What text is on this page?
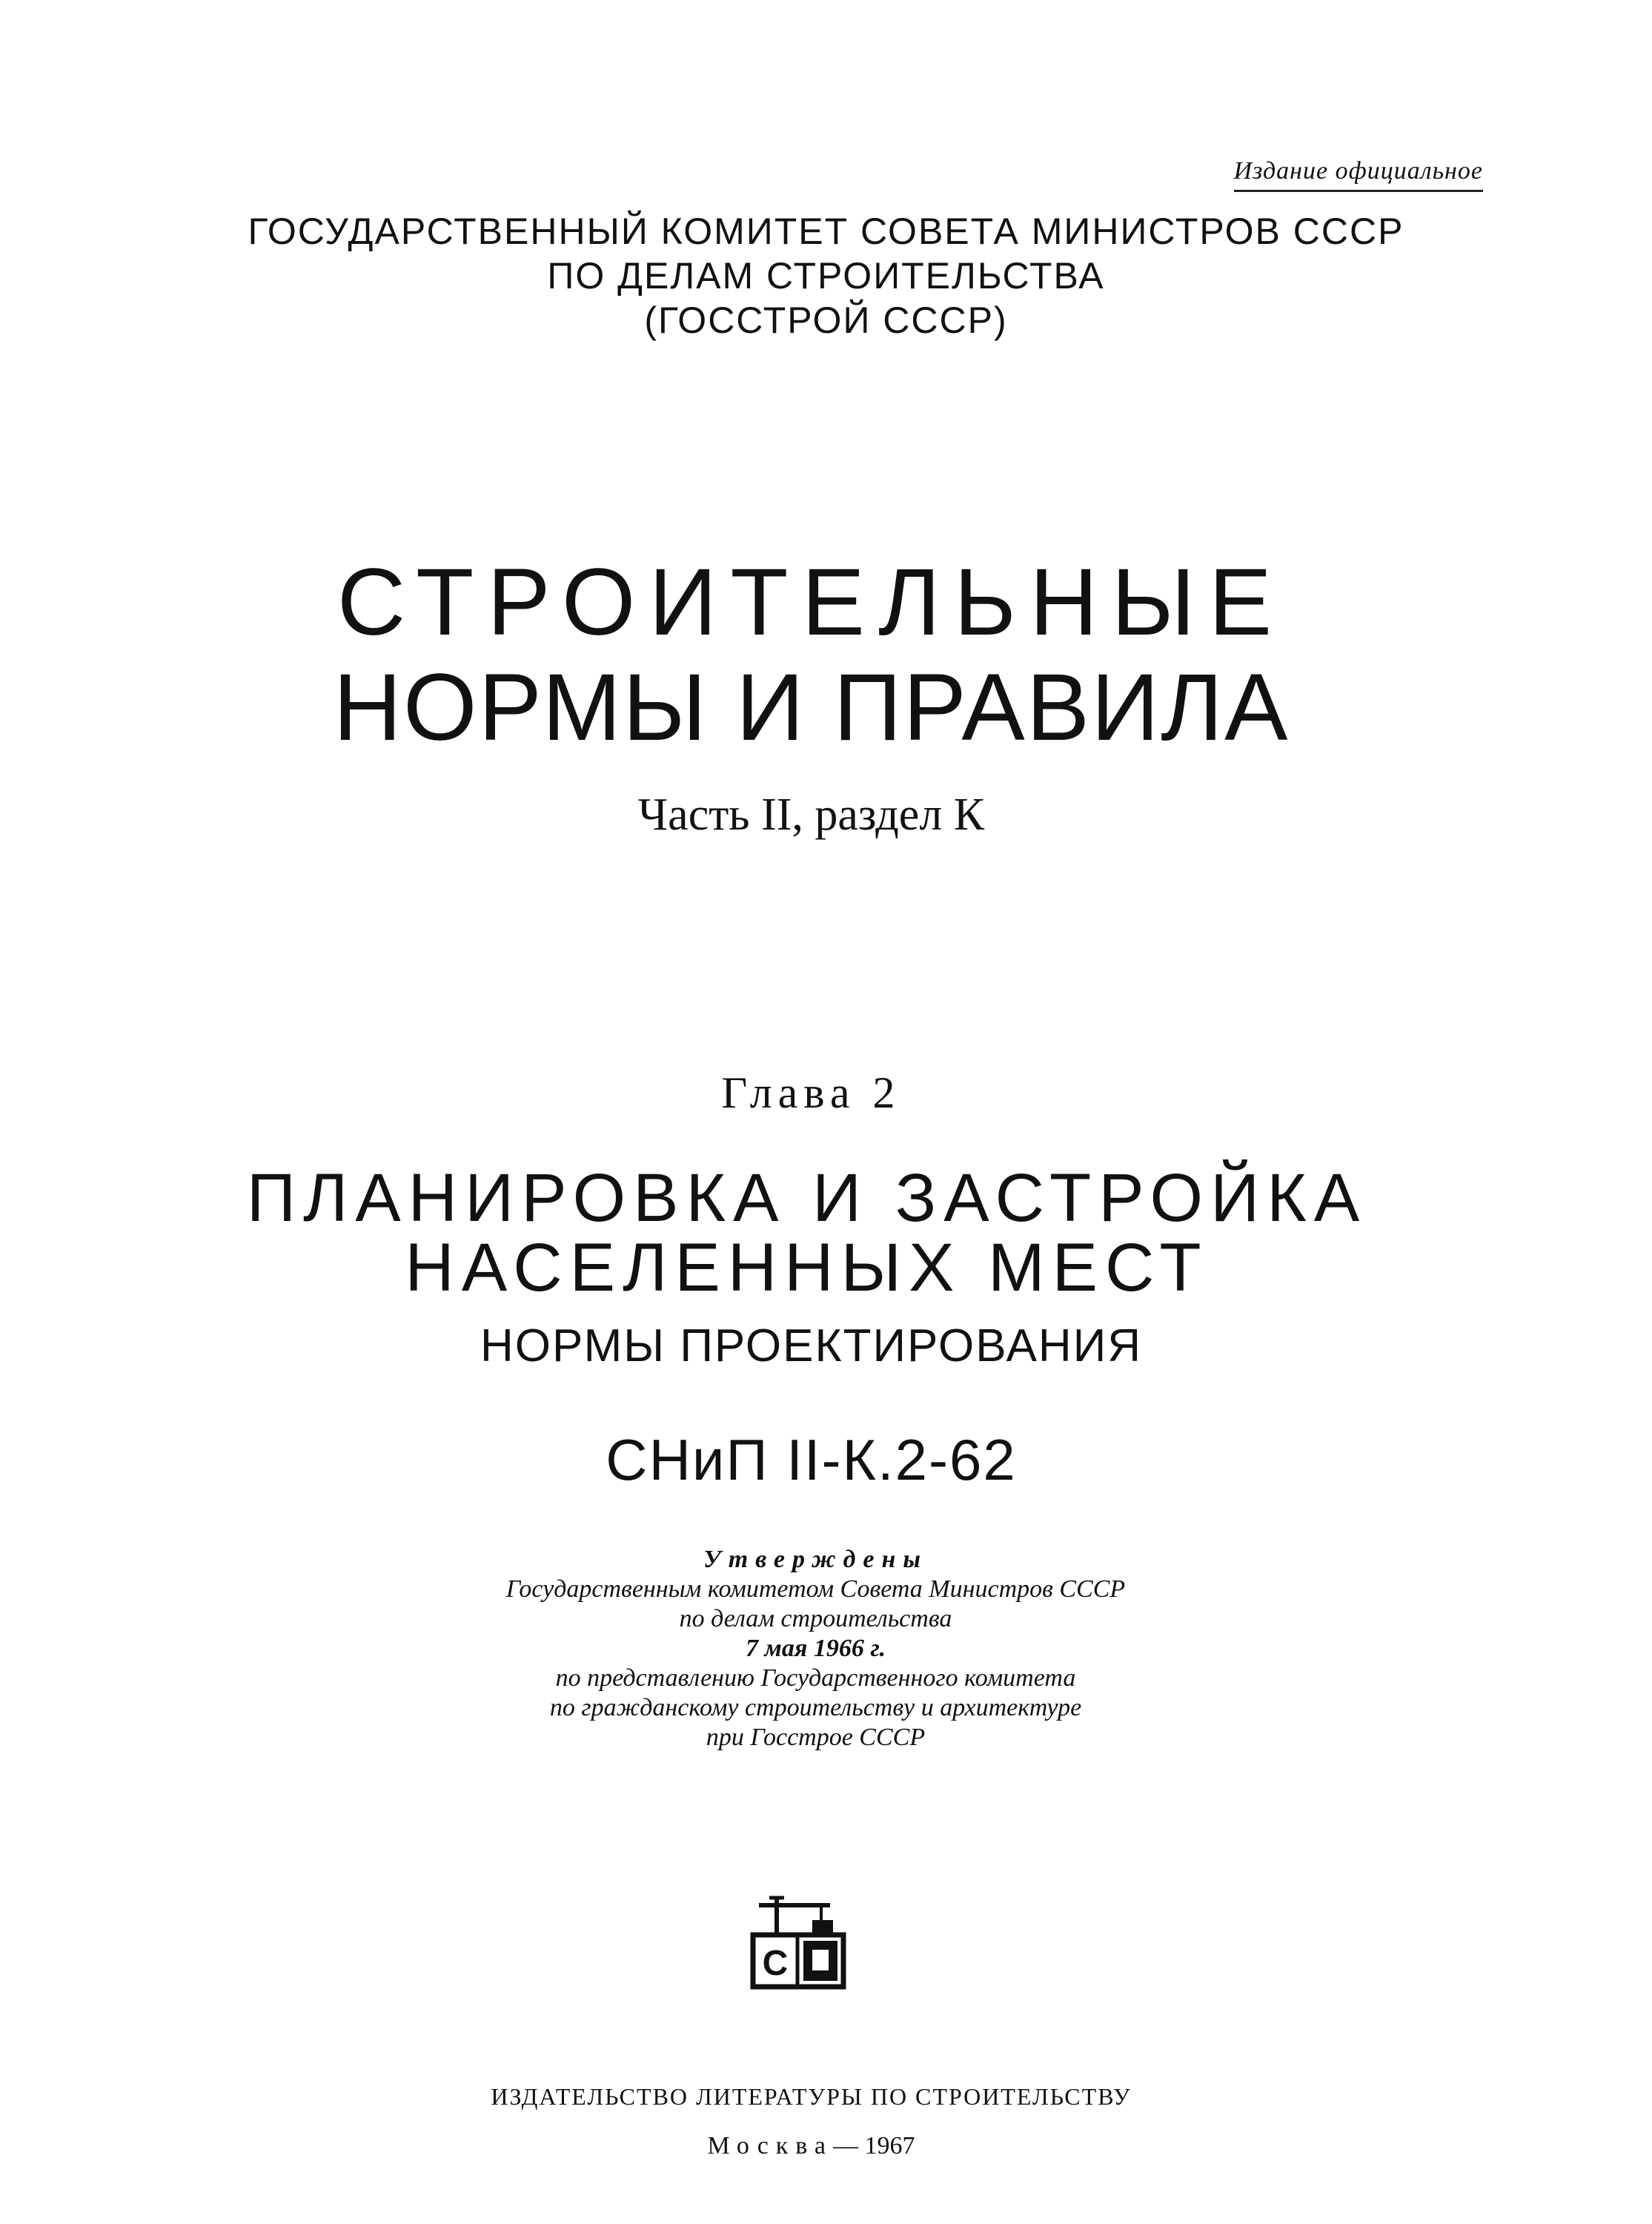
Издание официальное
ГОСУДАРСТВЕННЫЙ КОМИТЕТ СОВЕТА МИНИСТРОВ СССР
ПО ДЕЛАМ СТРОИТЕЛЬСТВА
(ГОССТРОЙ СССР)
СТРОИТЕЛЬНЫЕ
НОРМЫ И ПРАВИЛА
Часть II, раздел К
Глава 2
ПЛАНИРОВКА И ЗАСТРОЙКА
НАСЕЛЕННЫХ МЕСТ
НОРМЫ ПРОЕКТИРОВАНИЯ
СНиП II-К.2-62
Утверждены
Государственным комитетом Совета Министров СССР
по делам строительства
7 мая 1966 г.
по представлению Государственного комитета
по гражданскому строительству и архитектуре
при Госстрое СССР
С
ИЗДАТЕЛЬСТВО ЛИТЕРАТУРЫ ПО СТРОИТЕЛЬСТВУ
Москва— 1967
